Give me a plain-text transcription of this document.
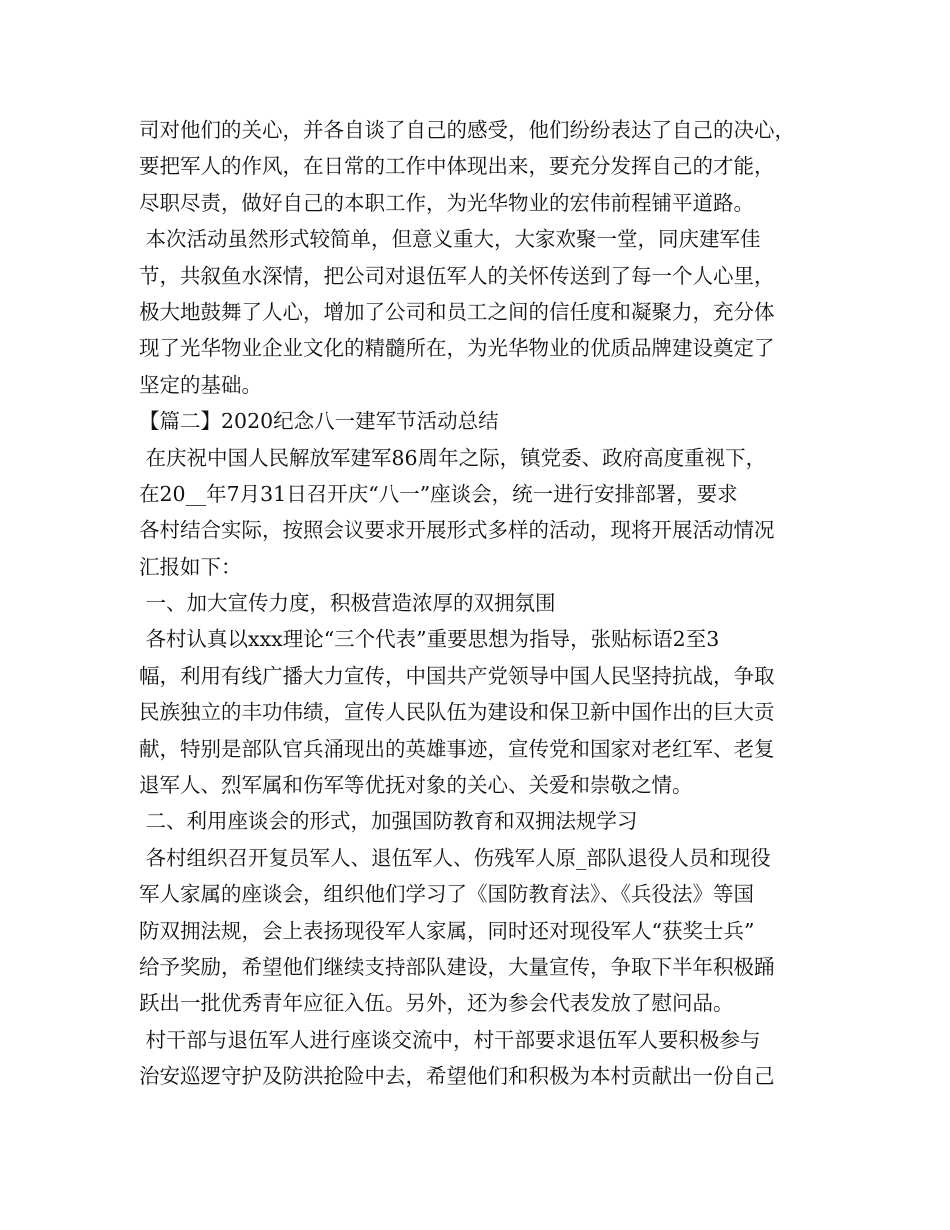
司对他们的关心，并各自谈了自己的感受，他们纷纷表达了自己的决心，
要把军人的作风，在日常的工作中体现出来，要充分发挥自己的才能，
尽职尽责，做好自己的本职工作，为光华物业的宏伟前程铺平道路。
本次活动虽然形式较简单，但意义重大，大家欢聚一堂，同庆建军佳
节，共叙鱼水深情，把公司对退伍军人的关怀传送到了每一个人心里，
极大地鼓舞了人心，增加了公司和员工之间的信任度和凝聚力，充分体
现了光华物业企业文化的精髓所在，为光华物业的优质品牌建设奠定了
坚定的基础。
【篇二】2020纪念八一建军节活动总结
在庆祝中国人民解放军建军86周年之际，镇党委、政府高度重视下，
在20__年7月31日召开庆“八一”座谈会，统一进行安排部署，要求
各村结合实际，按照会议要求开展形式多样的活动，现将开展活动情况
汇报如下：
一、加大宣传力度，积极营造浓厚的双拥氛围
各村认真以xxx理论“三个代表”重要思想为指导，张贴标语2至3
幅，利用有线广播大力宣传，中国共产党领导中国人民坚持抗战，争取
民族独立的丰功伟绩，宣传人民队伍为建设和保卫新中国作出的巨大贡
献，特别是部队官兵涌现出的英雄事迹，宣传党和国家对老红军、老复
退军人、烈军属和伤军等优抚对象的关心、关爱和崇敬之情。
二、利用座谈会的形式，加强国防教育和双拥法规学习
各村组织召开复员军人、退伍军人、伤残军人原_部队退役人员和现役
军人家属的座谈会，组织他们学习了《国防教育法》、《兵役法》等国
防双拥法规，会上表扬现役军人家属，同时还对现役军人“获奖士兵”
给予奖励，希望他们继续支持部队建设，大量宣传，争取下半年积极踊
跃出一批优秀青年应征入伍。另外，还为参会代表发放了慰问品。
村干部与退伍军人进行座谈交流中，村干部要求退伍军人要积极参与
治安巡逻守护及防洪抢险中去，希望他们和积极为本村贡献出一份自己
